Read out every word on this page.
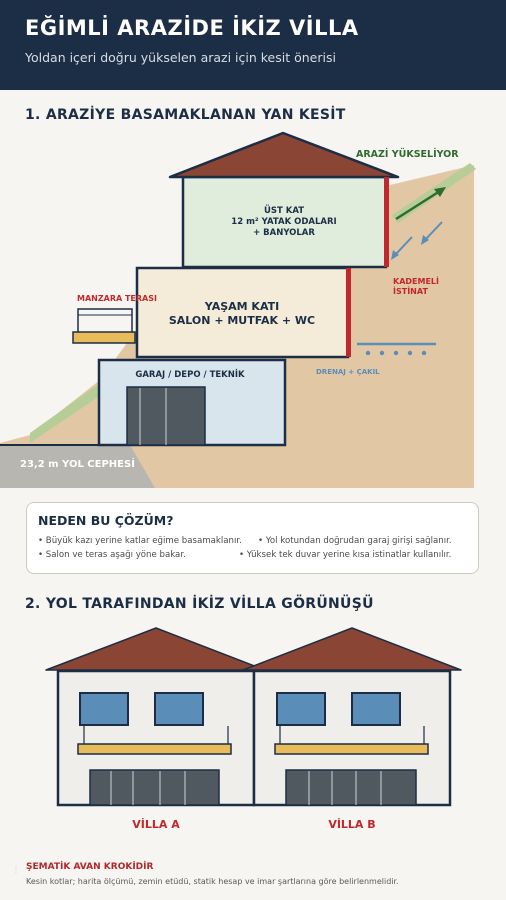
EĞİMLİ ARAZİDE İKİZ VİLLA
Yoldan içeri doğru yükselen arazi için kesit önerisi
1. ARAZİYE BASAMAKLANAN YAN KESİT
ARAZİ YÜKSELİYOR
ÜST KAT
12 m² YATAK ODALARI
+ BANYOLAR
YAŞAM KATI
SALON + MUTFAK + WC
GARAJ / DEPO / TEKNİK
MANZARA TERASI
KADEMELİ
İSTİNAT
DRENAJ + ÇAKIL
23,2 m YOL CEPHESİ
NEDEN BU ÇÖZÜM?
• Büyük kazı yerine katlar eğime basamaklanır. • Yol kotundan doğrudan garaj girişi sağlanır.
• Salon ve teras aşağı yöne bakar.	• Yüksek tek duvar yerine kısa istinatlar kullanılır.
2. YOL TARAFINDAN İKİZ VİLLA GÖRÜNÜŞÜ
VİLLA A	VİLLA B
⋮ ŞEMATİK AVAN KROKİDİR
Kesin kotlar; harita ölçümü, zemin etüdü, statik hesap ve imar şartlarına göre belirlenmelidir.
